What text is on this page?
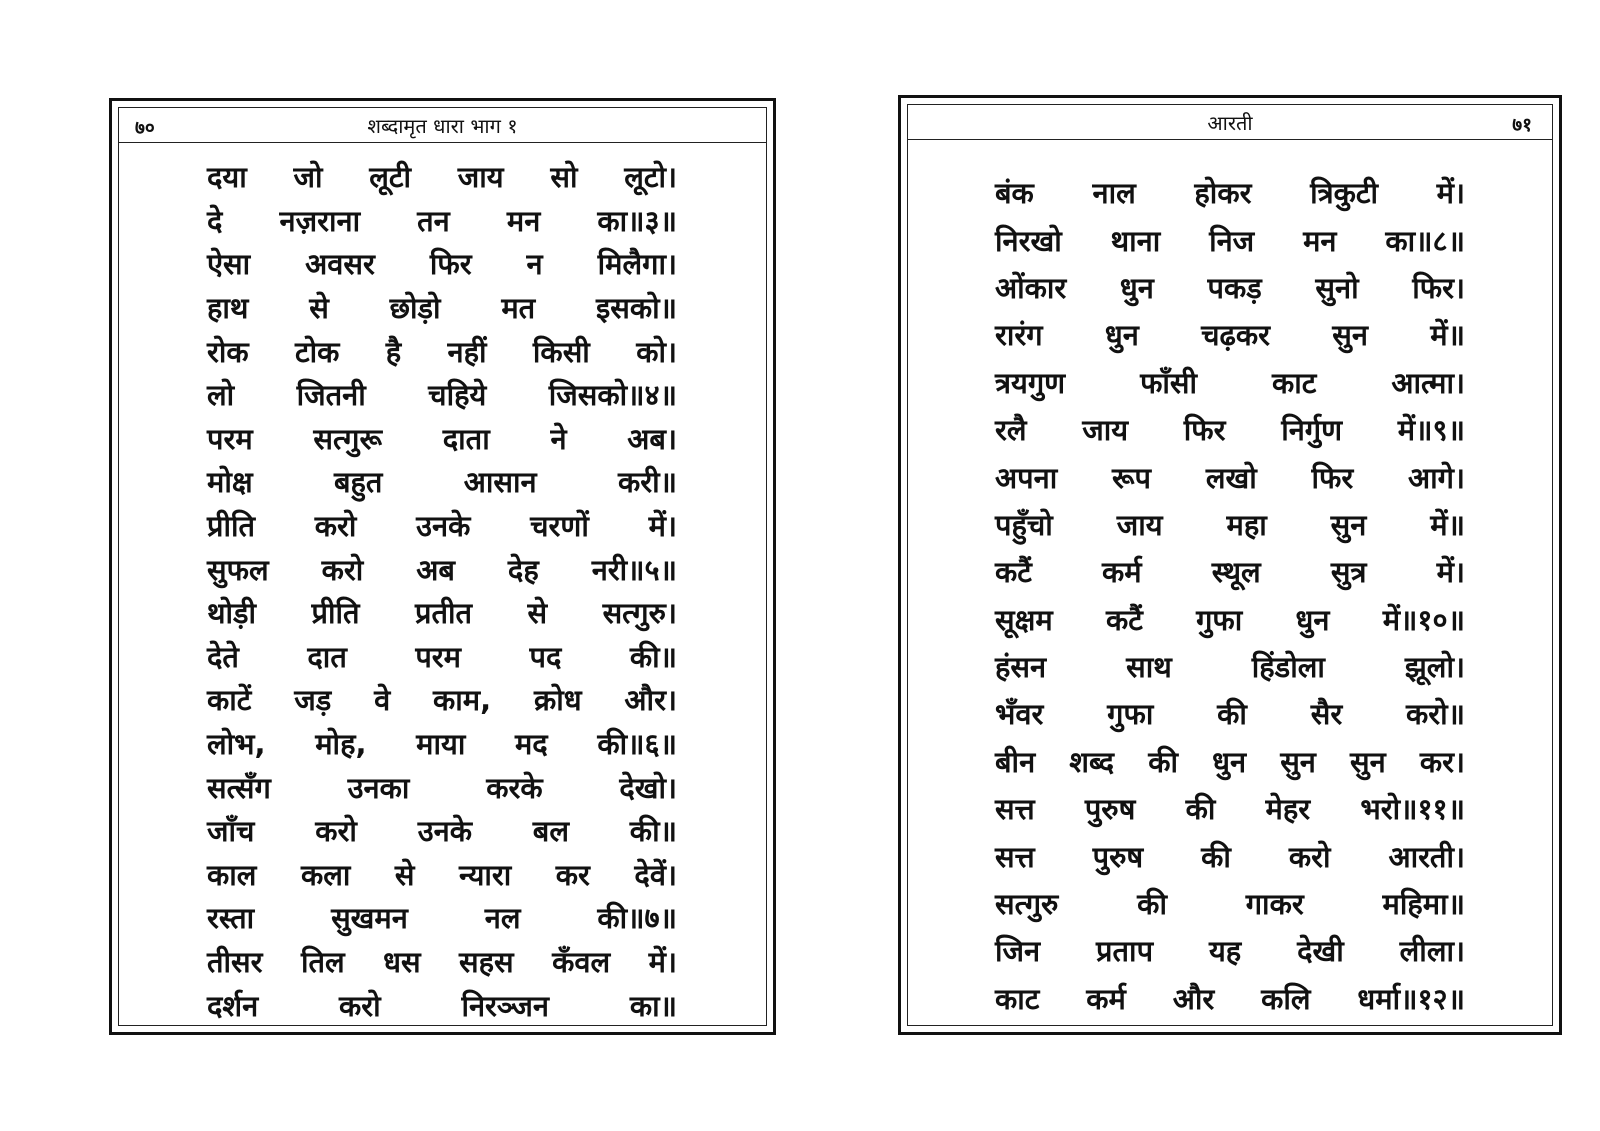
७०	शब्दामृत धारा भाग १
दया जो लूटी जाय सो लूटो।
दे नज़राना तन मन का॥३॥
ऐसा अवसर फिर न मिलैगा।
हाथ से छोड़ो मत इसको॥
रोक टोक है नहीं किसी को।
लो जितनी चहिये जिसको॥४॥
परम सत्गुरू दाता ने अब।
मोक्ष	बहुत	आसान	करी॥
प्रीति करो उनके चरणों में।
सुफल करो अब देह नरी॥५॥
थोड़ी प्रीति प्रतीत से सत्गुरु।
देते दात परम पद की॥
काटें जड़ वे काम, क्रोध और।
लोभ, मोह, माया मद की॥६॥
सत्सँग	उनका	करके	देखो।
जाँच करो उनके बल की॥
काल कला से न्यारा कर देवें।
रस्ता	सुखमन	नल	की॥७॥
तीसर तिल धस सहस कँवल में।
दर्शन	करो	निरञ्जन	का॥
आरती	७१
बंक नाल होकर त्रिकुटी में।
निरखो थाना निज मन का॥८॥
ओंकार धुन पकड़ सुनो फिर।
रारंग धुन चढ़कर सुन में॥
त्रयगुण	फाँसी	काट	आत्मा।
रलै जाय फिर निर्गुण में॥९॥
अपना रूप लखो फिर आगे।
पहुँचो जाय महा सुन में॥
कटैं कर्म स्थूल सुत्र में।
सूक्षम कटैं गुफा धुन में॥१०॥
हंसन	साथ	हिंडोला	झूलो।
भँवर गुफा की सैर करो॥
बीन शब्द की धुन सुन सुन कर।
सत्त पुरुष की मेहर भरो॥११॥
सत्त पुरुष की करो आरती।
सत्गुरु	की	गाकर	महिमा॥
जिन प्रताप यह देखी लीला।
काट कर्म और कलि धर्मा॥१२॥
